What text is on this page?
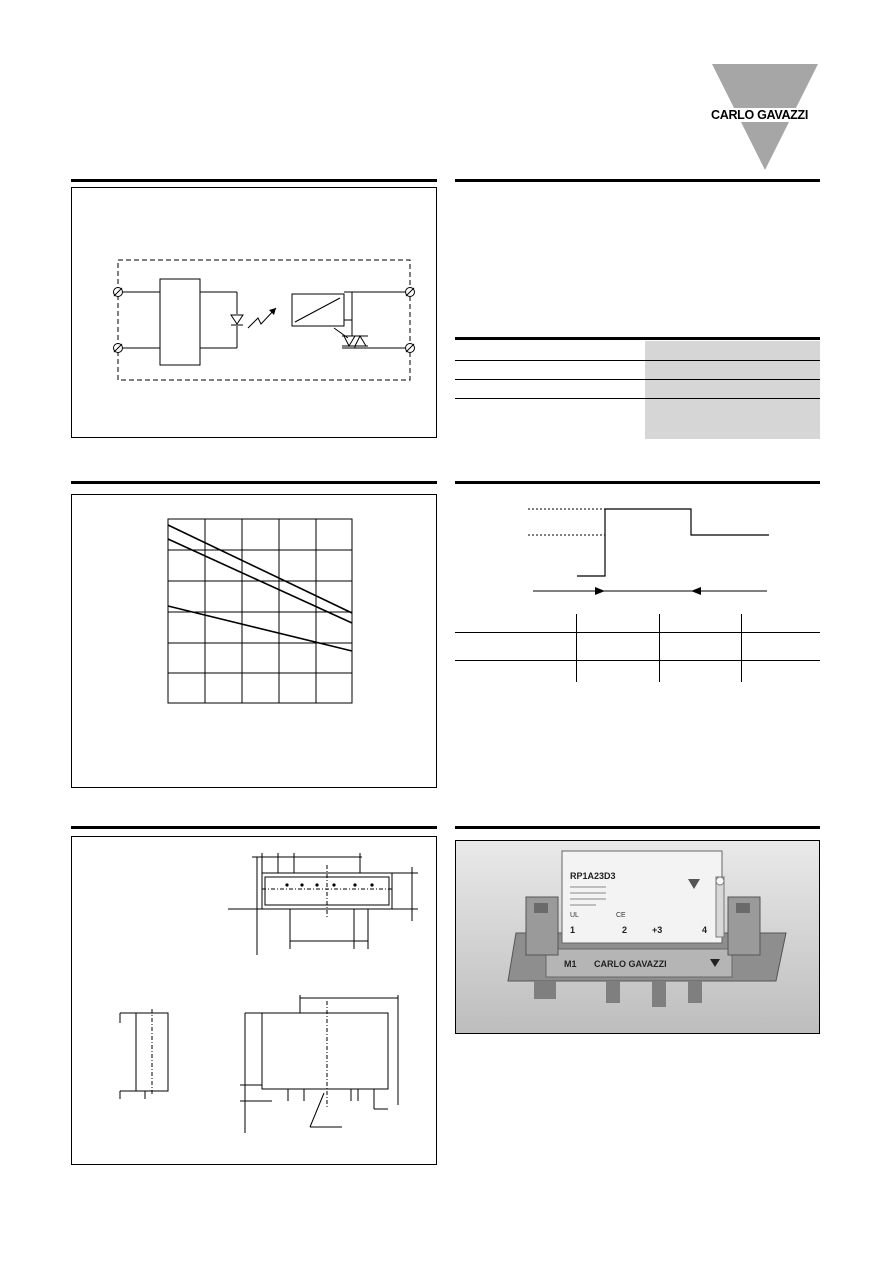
CARLO GAVAZZI
M1 CARLO GAVAZZI
RP1A23D3
UL	CE
1	2	+3	4
